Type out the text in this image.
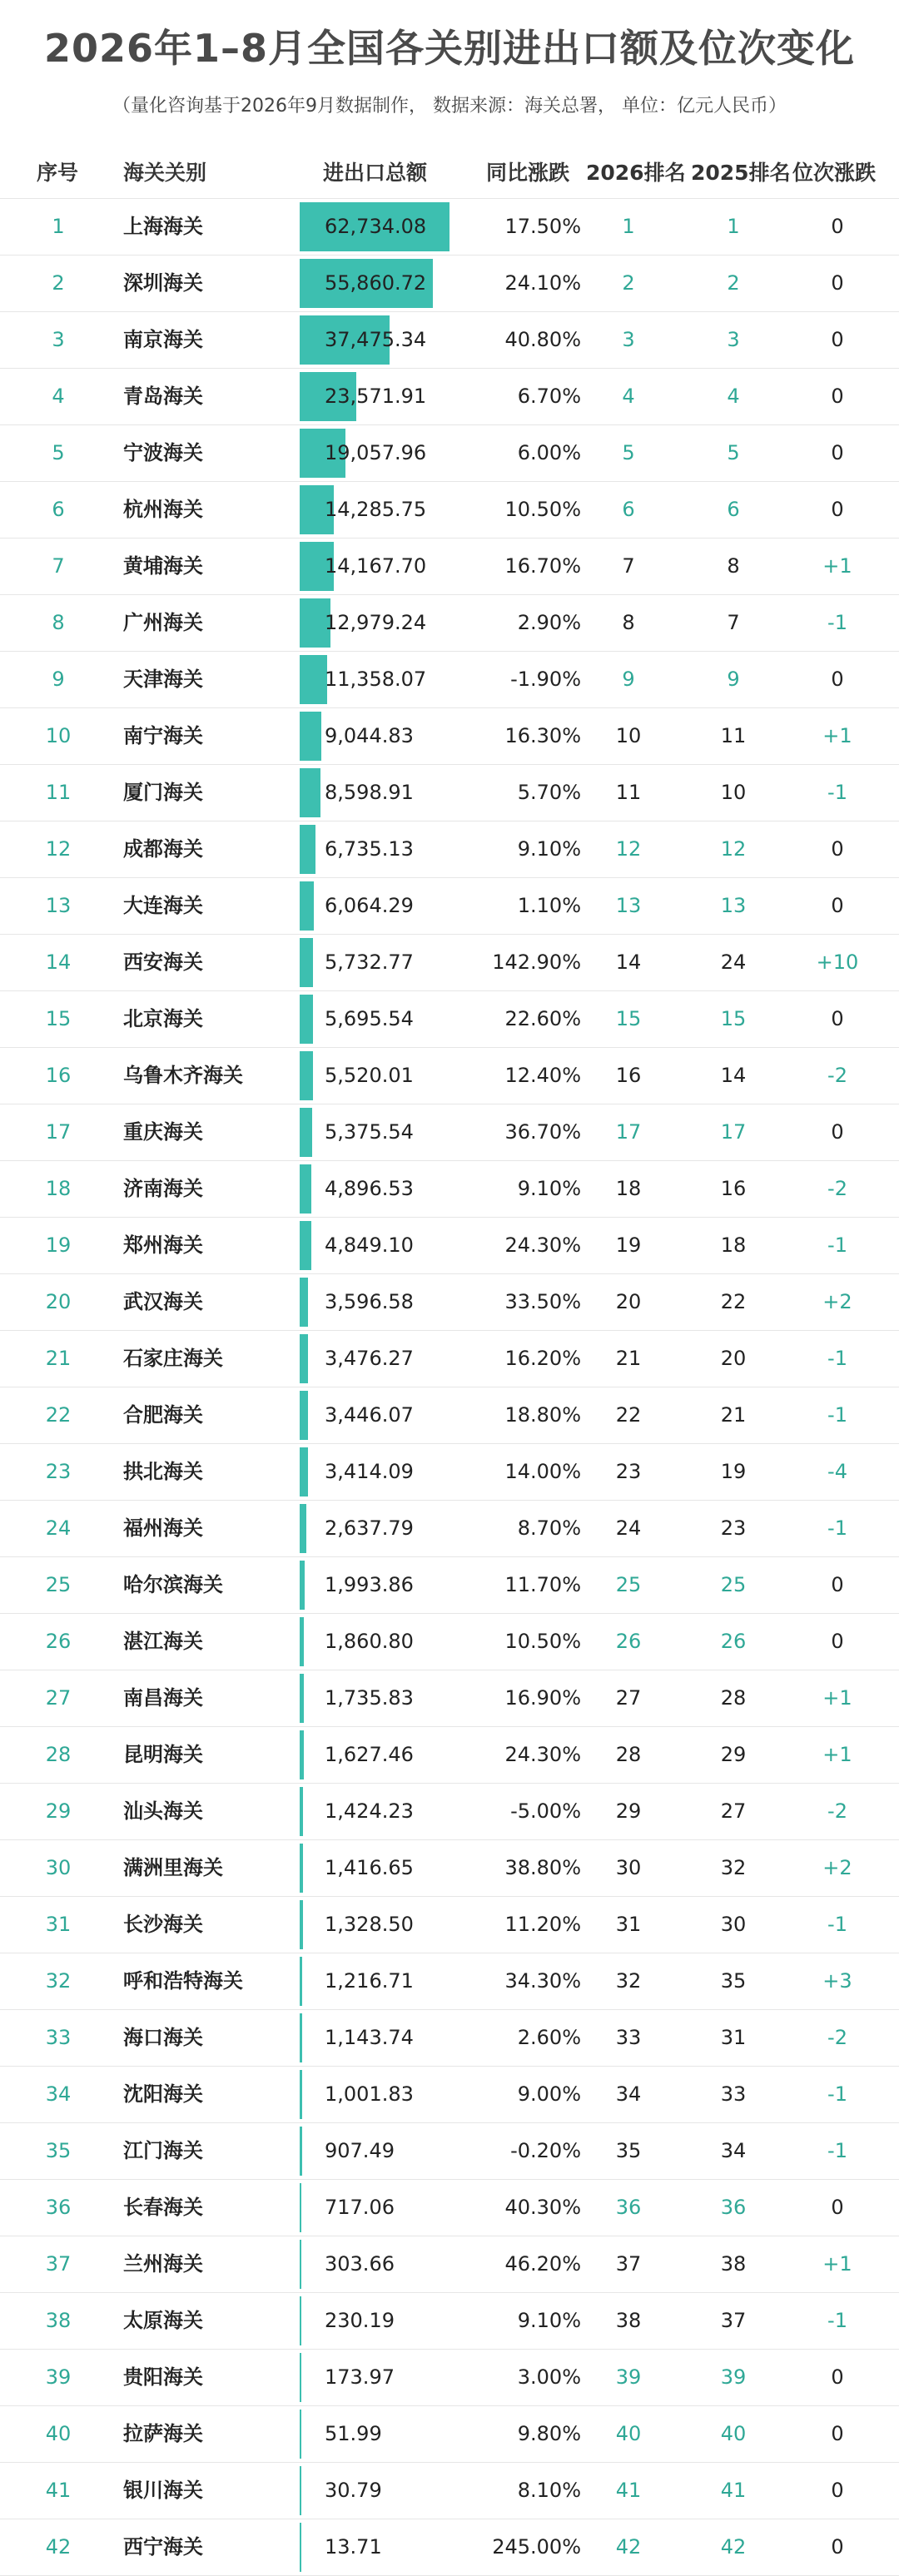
2026年1–8月全国各关别进出口额及位次变化
（量化咨询基于2026年9月数据制作， 数据来源：海关总署， 单位：亿元人民币）
序号 海关关别	进出口总额	同比涨跌 2026排名 2025排名 位次涨跌
1	上海海关	62,734.08	17.50%	1	1	0
2	深圳海关	55,860.72	24.10%	2	2	0
3	南京海关	37,475.34	40.80%	3	3	0
4	青岛海关	23,571.91	6.70%	4	4	0
5	宁波海关	19,057.96	6.00%	5	5	0
6	杭州海关	14,285.75	10.50%	6	6	0
7	黄埔海关	14,167.70	16.70%	7	8	+1
8	广州海关	12,979.24	2.90%	8	7	-1
9	天津海关	11,358.07	-1.90%	9	9	0
10	南宁海关	9,044.83	16.30%	10	11	+1
11	厦门海关	8,598.91	5.70%	11	10	-1
12	成都海关	6,735.13	9.10%	12	12	0
13	大连海关	6,064.29	1.10%	13	13	0
14	西安海关	5,732.77	142.90%	14	24	+10
15	北京海关	5,695.54	22.60%	15	15	0
16	乌鲁木齐海关	5,520.01	12.40%	16	14	-2
17	重庆海关	5,375.54	36.70%	17	17	0
18	济南海关	4,896.53	9.10%	18	16	-2
19	郑州海关	4,849.10	24.30%	19	18	-1
20	武汉海关	3,596.58	33.50%	20	22	+2
21	石家庄海关	3,476.27	16.20%	21	20	-1
22	合肥海关	3,446.07	18.80%	22	21	-1
23	拱北海关	3,414.09	14.00%	23	19	-4
24	福州海关	2,637.79	8.70%	24	23	-1
25	哈尔滨海关	1,993.86	11.70%	25	25	0
26	湛江海关	1,860.80	10.50%	26	26	0
27	南昌海关	1,735.83	16.90%	27	28	+1
28	昆明海关	1,627.46	24.30%	28	29	+1
29	汕头海关	1,424.23	-5.00%	29	27	-2
30	满洲里海关	1,416.65	38.80%	30	32	+2
31	长沙海关	1,328.50	11.20%	31	30	-1
32	呼和浩特海关	1,216.71	34.30%	32	35	+3
33	海口海关	1,143.74	2.60%	33	31	-2
34	沈阳海关	1,001.83	9.00%	34	33	-1
35	江门海关	907.49	-0.20%	35	34	-1
36	长春海关	717.06	40.30%	36	36	0
37	兰州海关	303.66	46.20%	37	38	+1
38	太原海关	230.19	9.10%	38	37	-1
39	贵阳海关	173.97	3.00%	39	39	0
40	拉萨海关	51.99	9.80%	40	40	0
41	银川海关	30.79	8.10%	41	41	0
42	西宁海关	13.71	245.00%	42	42	0
